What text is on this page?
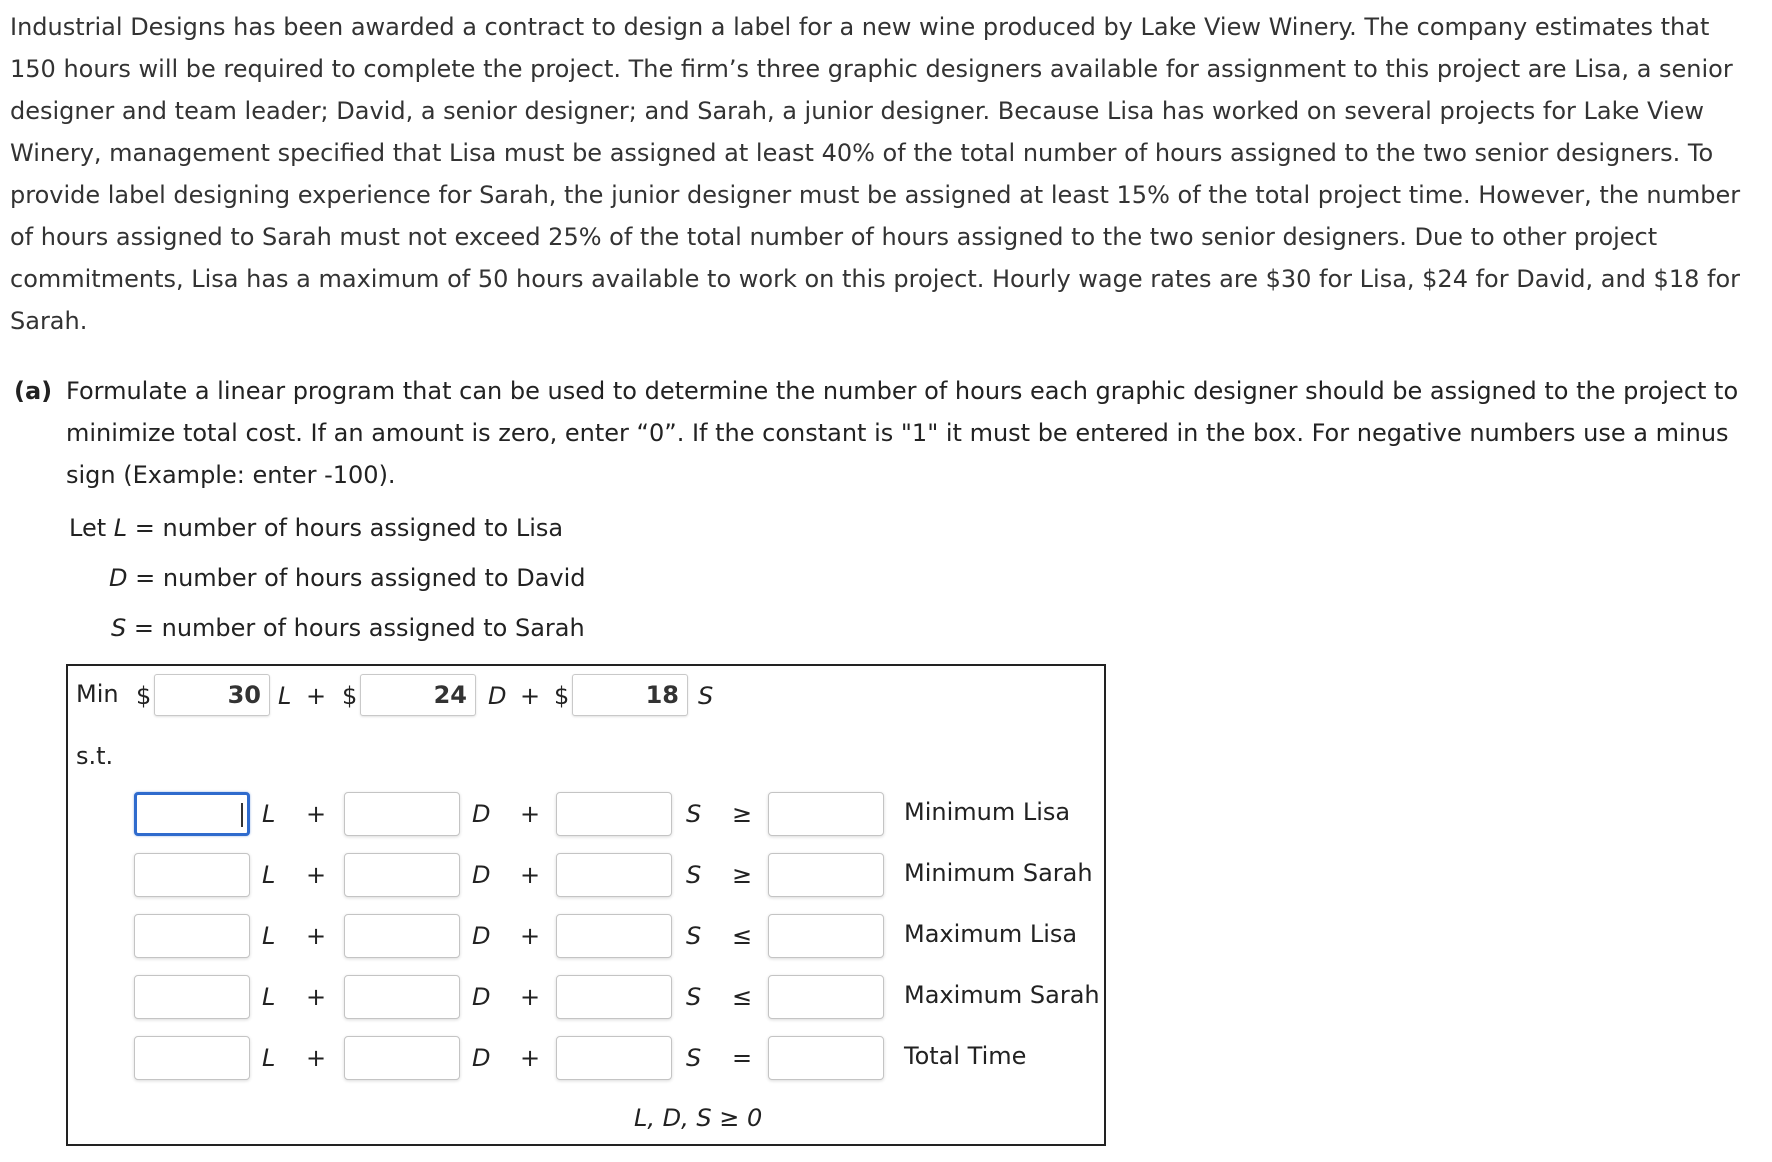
Industrial Designs has been awarded a contract to design a label for a new wine produced by Lake View Winery. The company estimates that 150 hours will be required to complete the project. The firm’s three graphic designers available for assignment to this project are Lisa, a senior designer and team leader; David, a senior designer; and Sarah, a junior designer. Because Lisa has worked on several projects for Lake View Winery, management specified that Lisa must be assigned at least 40% of the total number of hours assigned to the two senior designers. To provide label designing experience for Sarah, the junior designer must be assigned at least 15% of the total project time. However, the number of hours assigned to Sarah must not exceed 25% of the total number of hours assigned to the two senior designers. Due to other project commitments, Lisa has a maximum of 50 hours available to work on this project. Hourly wage rates are $30 for Lisa, $24 for David, and $18 for Sarah.

(a) Formulate a linear program that can be used to determine the number of hours each graphic designer should be assigned to the project to minimize total cost. If an amount is zero, enter “0”. If the constant is "1" it must be entered in the box. For negative numbers use a minus sign (Example: enter -100).
Let L = number of hours assigned to Lisa
D = number of hours assigned to David
S = number of hours assigned to Sarah
Min $	30 L + $	24 D + $	18 S
s.t.
L +	D +	S ≥	Minimum Lisa
L +	D +	S ≥	Minimum Sarah
L +	D +	S ≤	Maximum Lisa
L +	D +	S ≤	Maximum Sarah
L +	D +	S =	Total Time
L, D, S ≥ 0
